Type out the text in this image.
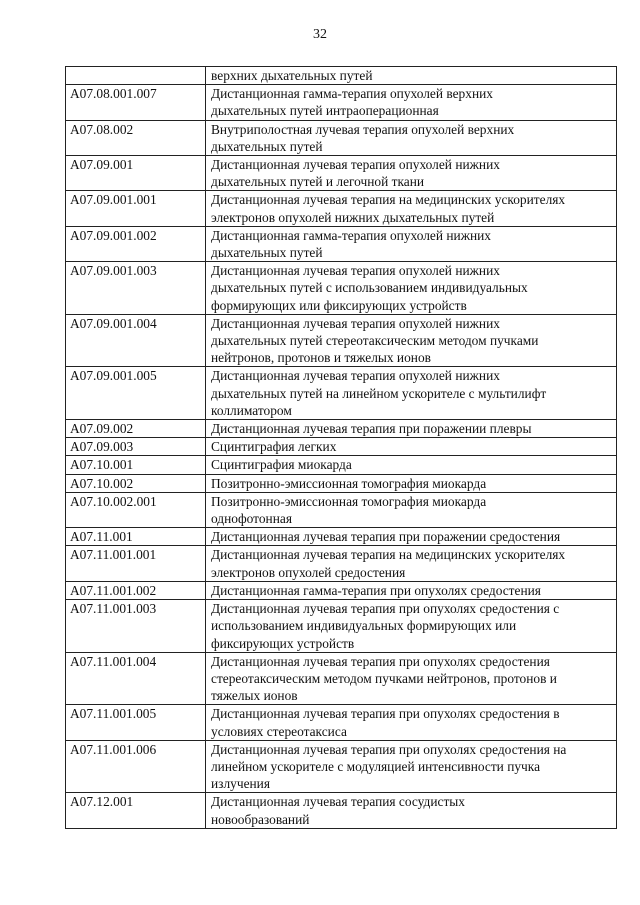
32
	верхних дыхательных путей
A07.08.001.007	Дистанционная гамма-терапия опухолей верхних
дыхательных путей интраоперационная
A07.08.002	Внутриполостная лучевая терапия опухолей верхних
дыхательных путей
A07.09.001	Дистанционная лучевая терапия опухолей нижних
дыхательных путей и легочной ткани
A07.09.001.001	Дистанционная лучевая терапия на медицинских ускорителях
электронов опухолей нижних дыхательных путей
A07.09.001.002	Дистанционная гамма-терапия опухолей нижних
дыхательных путей
A07.09.001.003	Дистанционная лучевая терапия опухолей нижних
дыхательных путей с использованием индивидуальных
формирующих или фиксирующих устройств
A07.09.001.004	Дистанционная лучевая терапия опухолей нижних
дыхательных путей стереотаксическим методом пучками
нейтронов, протонов и тяжелых ионов
A07.09.001.005	Дистанционная лучевая терапия опухолей нижних
дыхательных путей на линейном ускорителе с мультилифт
коллиматором
A07.09.002	Дистанционная лучевая терапия при поражении плевры
A07.09.003	Сцинтиграфия легких
A07.10.001	Сцинтиграфия миокарда
A07.10.002	Позитронно-эмиссионная томография миокарда
A07.10.002.001	Позитронно-эмиссионная томография миокарда
однофотонная
A07.11.001	Дистанционная лучевая терапия при поражении средостения
A07.11.001.001	Дистанционная лучевая терапия на медицинских ускорителях
электронов опухолей средостения
A07.11.001.002	Дистанционная гамма-терапия при опухолях средостения
A07.11.001.003	Дистанционная лучевая терапия при опухолях средостения с
использованием индивидуальных формирующих или
фиксирующих устройств
A07.11.001.004	Дистанционная лучевая терапия при опухолях средостения
стереотаксическим методом пучками нейтронов, протонов и
тяжелых ионов
A07.11.001.005	Дистанционная лучевая терапия при опухолях средостения в
условиях стереотаксиса
A07.11.001.006	Дистанционная лучевая терапия при опухолях средостения на
линейном ускорителе с модуляцией интенсивности пучка
излучения
A07.12.001	Дистанционная лучевая терапия сосудистых
новообразований
